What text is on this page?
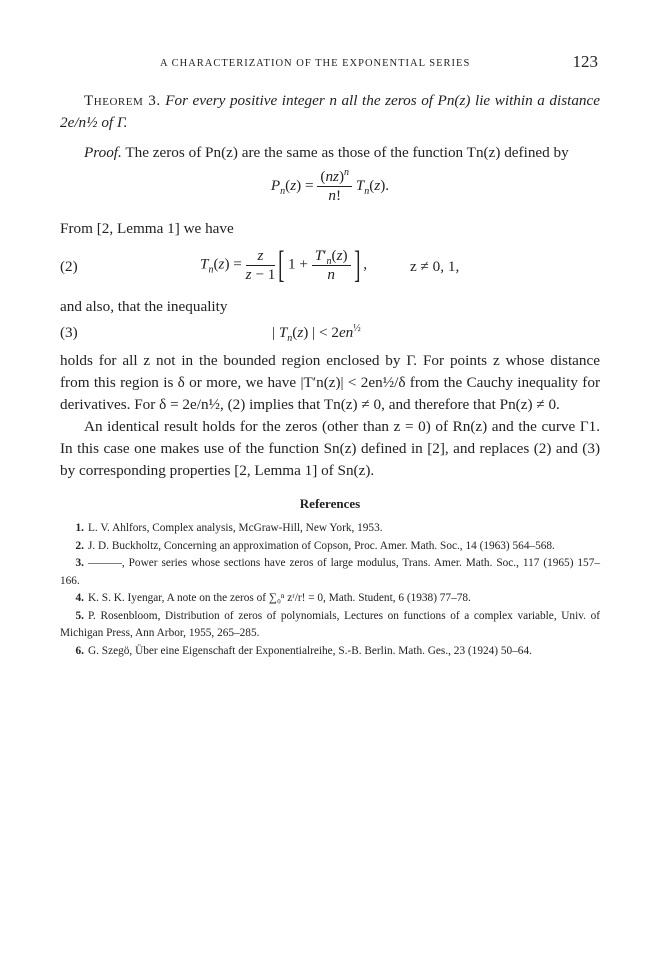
A CHARACTERIZATION OF THE EXPONENTIAL SERIES	123

Theorem 3. For every positive integer n all the zeros of Pn(z) lie within a distance 2e/n½ of Γ.

Proof. The zeros of Pn(z) are the same as those of the function Tn(z) defined by

$P_n(z) = \frac{(nz)^n}{n!} T_n(z)$.

From [2, Lemma 1] we have

(2)	$T_n(z) = \frac{z}{z - 1}$ [ $1 + \frac{T'_n(z)}{n}$ ] ,	z ≠ 0, 1,

and also, that the inequality

(3)	| $T_n(z)$ | < $2en^{\frac{1}{2}}$

holds for all z not in the bounded region enclosed by Γ. For points z whose distance from this region is δ or more, we have |T′n(z)| < 2en½/δ from the Cauchy inequality for derivatives. For δ = 2e/n½, (2) implies that Tn(z) ≠ 0, and therefore that Pn(z) ≠ 0.

An identical result holds for the zeros (other than z = 0) of Rn(z) and the curve Γ1. In this case one makes use of the function Sn(z) defined in [2], and replaces (2) and (3) by corresponding properties [2, Lemma 1] of Sn(z).

References
1. L. V. Ahlfors, Complex analysis, McGraw-Hill, New York, 1953.
2. J. D. Buckholtz, Concerning an approximation of Copson, Proc. Amer. Math. Soc., 14 (1963) 564–568.
3. ———, Power series whose sections have zeros of large modulus, Trans. Amer. Math. Soc., 117 (1965) 157–166.
4. K. S. K. Iyengar, A note on the zeros of ∑₀ⁿ zʳ/r! = 0, Math. Student, 6 (1938) 77–78.
5. P. Rosenbloom, Distribution of zeros of polynomials, Lectures on functions of a complex variable, Univ. of Michigan Press, Ann Arbor, 1955, 265–285.
6. G. Szegö, Über eine Eigenschaft der Exponentialreihe, S.-B. Berlin. Math. Ges., 23 (1924) 50–64.
